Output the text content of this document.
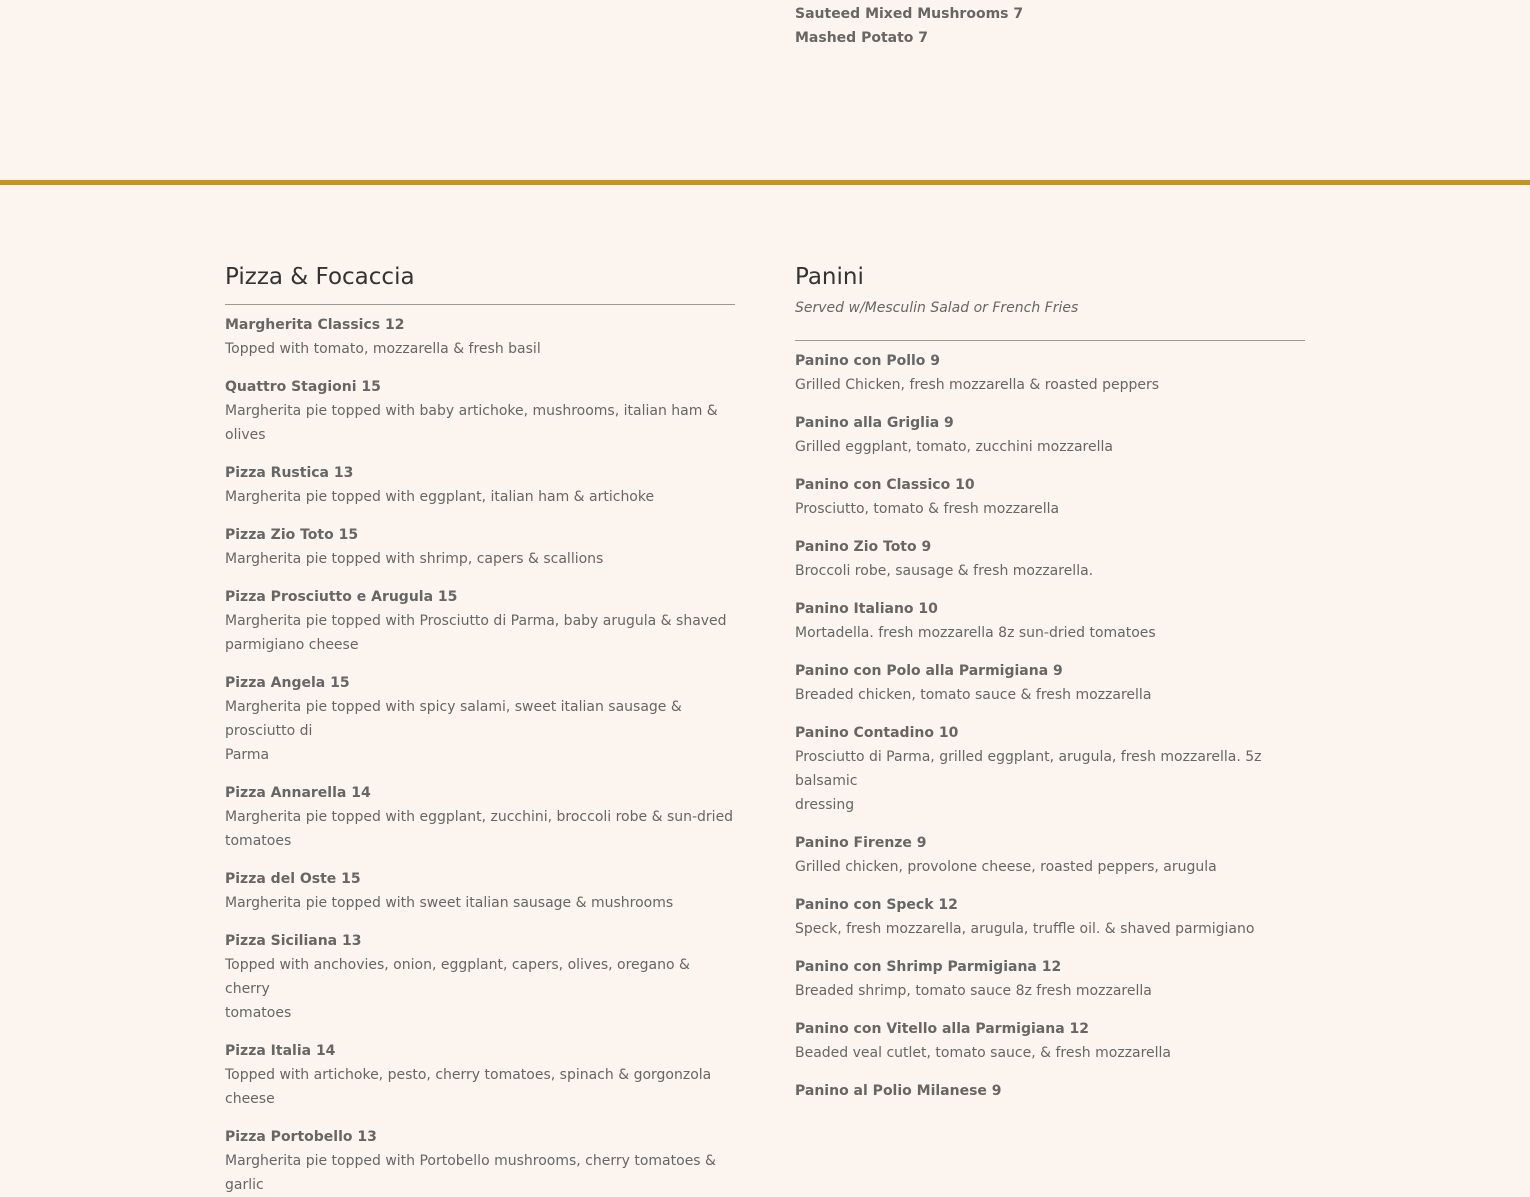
Sauteed Mixed Mushrooms 7
Mashed Potato 7
Pizza & Focaccia
Margherita Classics 12
Topped with tomato, mozzarella & fresh basil
Quattro Stagioni 15
Margherita pie topped with baby artichoke, mushrooms, italian ham & olives
Pizza Rustica 13
Margherita pie topped with eggplant, italian ham & artichoke
Pizza Zio Toto 15
Margherita pie topped with shrimp, capers & scallions
Pizza Prosciutto e Arugula 15
Margherita pie topped with Prosciutto di Parma, baby arugula & shaved
parmigiano cheese
Pizza Angela 15
Margherita pie topped with spicy salami, sweet italian sausage & prosciutto di
Parma
Pizza Annarella 14
Margherita pie topped with eggplant, zucchini, broccoli robe & sun-dried
tomatoes
Pizza del Oste 15
Margherita pie topped with sweet italian sausage & mushrooms
Pizza Siciliana 13
Topped with anchovies, onion, eggplant, capers, olives, oregano & cherry
tomatoes
Pizza Italia 14
Topped with artichoke, pesto, cherry tomatoes, spinach & gorgonzola cheese
Pizza Portobello 13
Margherita pie topped with Portobello mushrooms, cherry tomatoes & garlic
Panini

Served w/Mesculin Salad or French Fries

Panino con Pollo 9
Grilled Chicken, fresh mozzarella & roasted peppers
Panino alla Griglia 9
Grilled eggplant, tomato, zucchini mozzarella
Panino con Classico 10
Prosciutto, tomato & fresh mozzarella
Panino Zio Toto 9
Broccoli robe, sausage & fresh mozzarella.
Panino Italiano 10
Mortadella. fresh mozzarella 8z sun-dried tomatoes
Panino con Polo alla Parmigiana 9
Breaded chicken, tomato sauce & fresh mozzarella
Panino Contadino 10
Prosciutto di Parma, grilled eggplant, arugula, fresh mozzarella. 5z balsamic
dressing
Panino Firenze 9
Grilled chicken, provolone cheese, roasted peppers, arugula
Panino con Speck 12
Speck, fresh mozzarella, arugula, truffle oil. & shaved parmigiano
Panino con Shrimp Parmigiana 12
Breaded shrimp, tomato sauce 8z fresh mozzarella
Panino con Vitello alla Parmigiana 12
Beaded veal cutlet, tomato sauce, & fresh mozzarella
Panino al Polio Milanese 9
